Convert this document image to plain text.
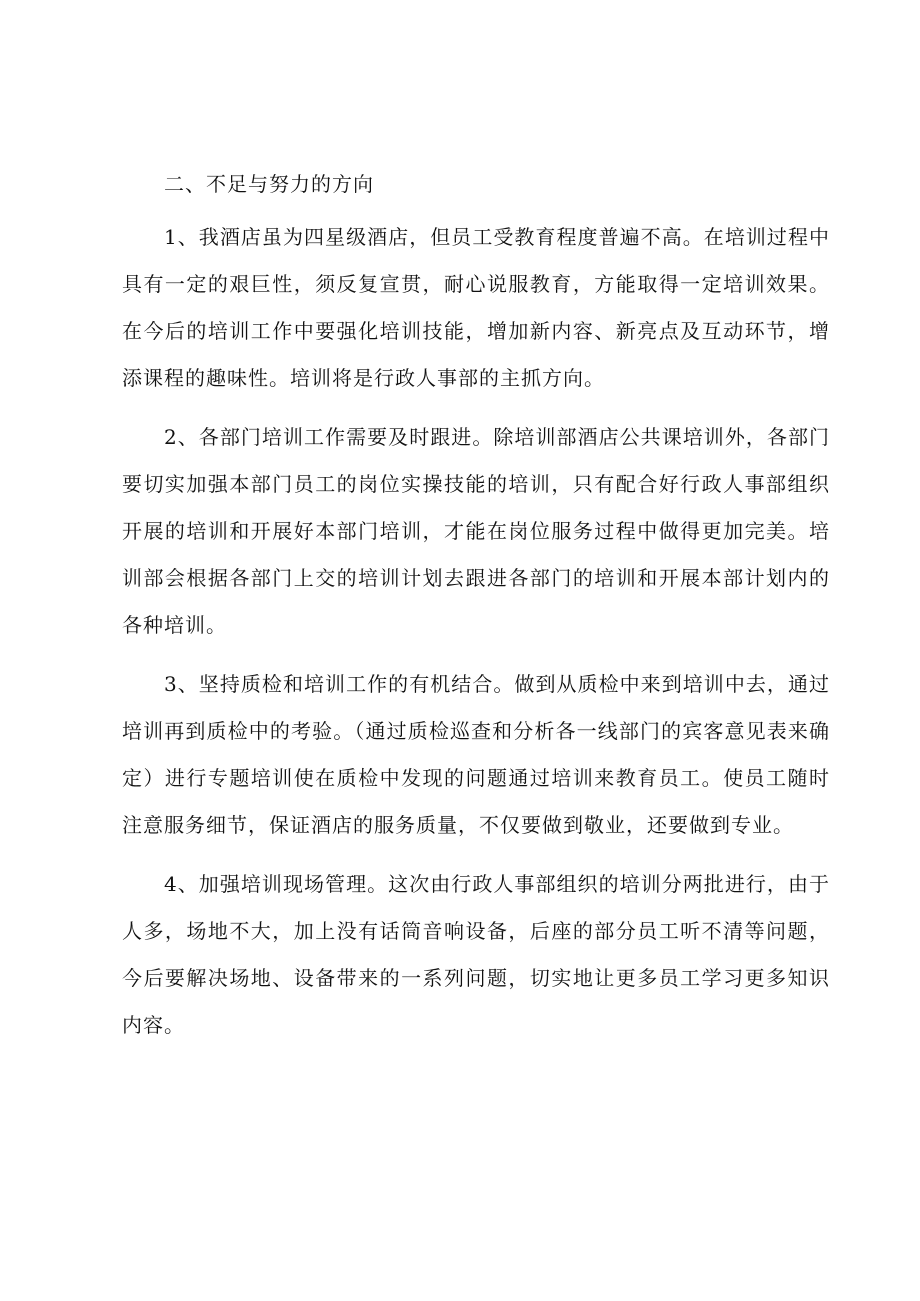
二、不足与努力的方向

1、我酒店虽为四星级酒店，但员工受教育程度普遍不高。在培训过程中具有一定的艰巨性，须反复宣贯，耐心说服教育，方能取得一定培训效果。在今后的培训工作中要强化培训技能，增加新内容、新亮点及互动环节，增添课程的趣味性。培训将是行政人事部的主抓方向。

2、各部门培训工作需要及时跟进。除培训部酒店公共课培训外，各部门要切实加强本部门员工的岗位实操技能的培训，只有配合好行政人事部组织开展的培训和开展好本部门培训，才能在岗位服务过程中做得更加完美。培训部会根据各部门上交的培训计划去跟进各部门的培训和开展本部计划内的各种培训。

3、坚持质检和培训工作的有机结合。做到从质检中来到培训中去，通过培训再到质检中的考验。（通过质检巡查和分析各一线部门的宾客意见表来确定）进行专题培训使在质检中发现的问题通过培训来教育员工。使员工随时注意服务细节，保证酒店的服务质量，不仅要做到敬业，还要做到专业。

4、加强培训现场管理。这次由行政人事部组织的培训分两批进行，由于人多，场地不大，加上没有话筒音响设备，后座的部分员工听不清等问题，今后要解决场地、设备带来的一系列问题，切实地让更多员工学习更多知识内容。
